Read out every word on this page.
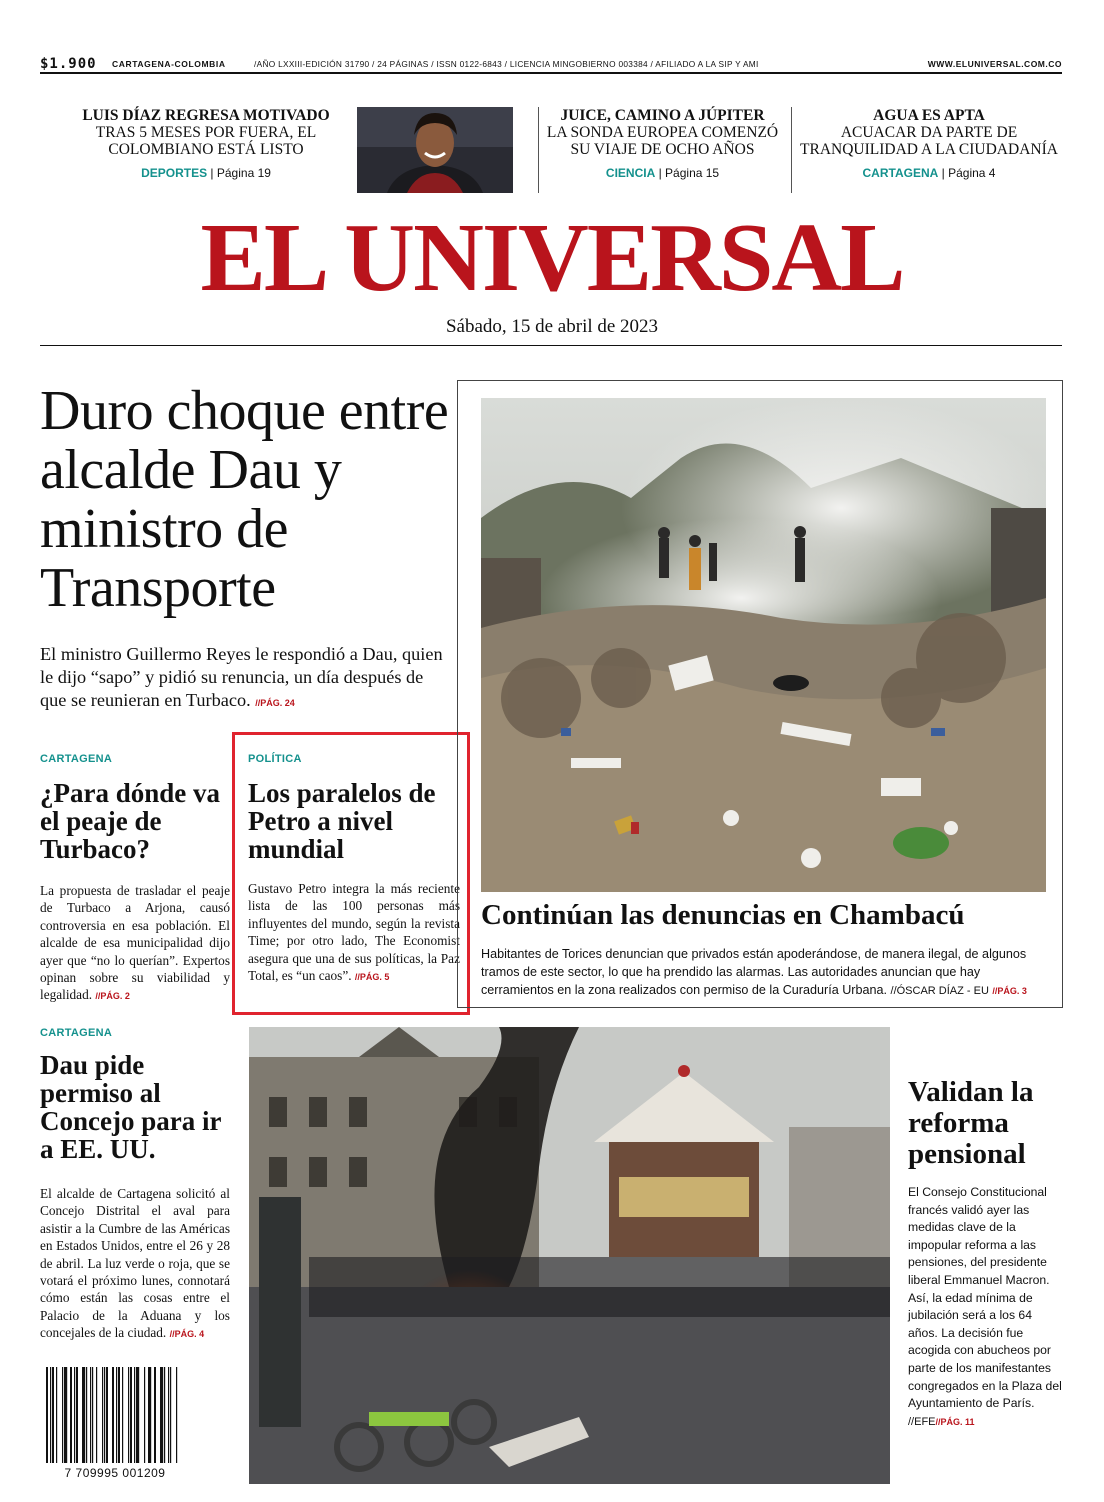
$1.900 CARTAGENA-COLOMBIA	/AÑO LXXIII-EDICIÓN 31790 / 24 PÁGINAS / ISSN 0122-6843 / LICENCIA MINGOBIERNO 003384 / AFILIADO A LA SIP Y AMI	WWW.ELUNIVERSAL.COM.CO
LUIS DÍAZ REGRESA MOTIVADO
TRAS 5 MESES POR FUERA, EL COLOMBIANO ESTÁ LISTO
DEPORTES | Página 19
JUICE, CAMINO A JÚPITER
LA SONDA EUROPEA COMENZÓ SU VIAJE DE OCHO AÑOS
CIENCIA | Página 15
AGUA ES APTA
ACUACAR DA PARTE DE TRANQUILIDAD A LA CIUDADANÍA
CARTAGENA | Página 4
EL UNIVERSAL
Sábado, 15 de abril de 2023
Duro choque entre alcalde Dau y ministro de Transporte

El ministro Guillermo Reyes le respondió a Dau, quien le dijo “sapo” y pidió su renuncia, un día después de que se reunieran en Turbaco. //PÁG. 24

CARTAGENA
¿Para dónde va el peaje de Turbaco?

La propuesta de trasladar el peaje de Turbaco a Arjona, causó controversia en esa población. El alcalde de esa municipalidad dijo ayer que “no lo querían”. Expertos opinan sobre su viabilidad y legalidad. //PÁG. 2

POLÍTICA
Los paralelos de Petro a nivel mundial

Gustavo Petro integra la más reciente lista de las 100 personas más influyentes del mundo, según la revista Time; por otro lado, The Economist asegura que una de sus políticas, la Paz Total, es “un caos”. //PÁG. 5

Continúan las denuncias en Chambacú

Habitantes de Torices denuncian que privados están apoderándose, de manera ilegal, de algunos tramos de este sector, lo que ha prendido las alarmas. Las autoridades anuncian que hay cerramientos en la zona realizados con permiso de la Curaduría Urbana. //ÓSCAR DÍAZ - EU //PÁG. 3

CARTAGENA
Dau pide permiso al Concejo para ir a EE. UU.

El alcalde de Cartagena solicitó al Concejo Distrital el aval para asistir a la Cumbre de las Américas en Estados Unidos, entre el 26 y 28 de abril. La luz verde o roja, que se votará el próximo lunes, connotará cómo están las cosas entre el Palacio de la Aduana y los concejales de la ciudad. //PÁG. 4

Validan la reforma pensional

El Consejo Constitucional francés validó ayer las medidas clave de la impopular reforma a las pensiones, del presidente liberal Emmanuel Macron. Así, la edad mínima de jubilación será a los 64 años. La decisión fue acogida con abucheos por parte de los manifestantes congregados en la Plaza del Ayuntamiento de París. //EFE//PÁG. 11

7 709995 001209
